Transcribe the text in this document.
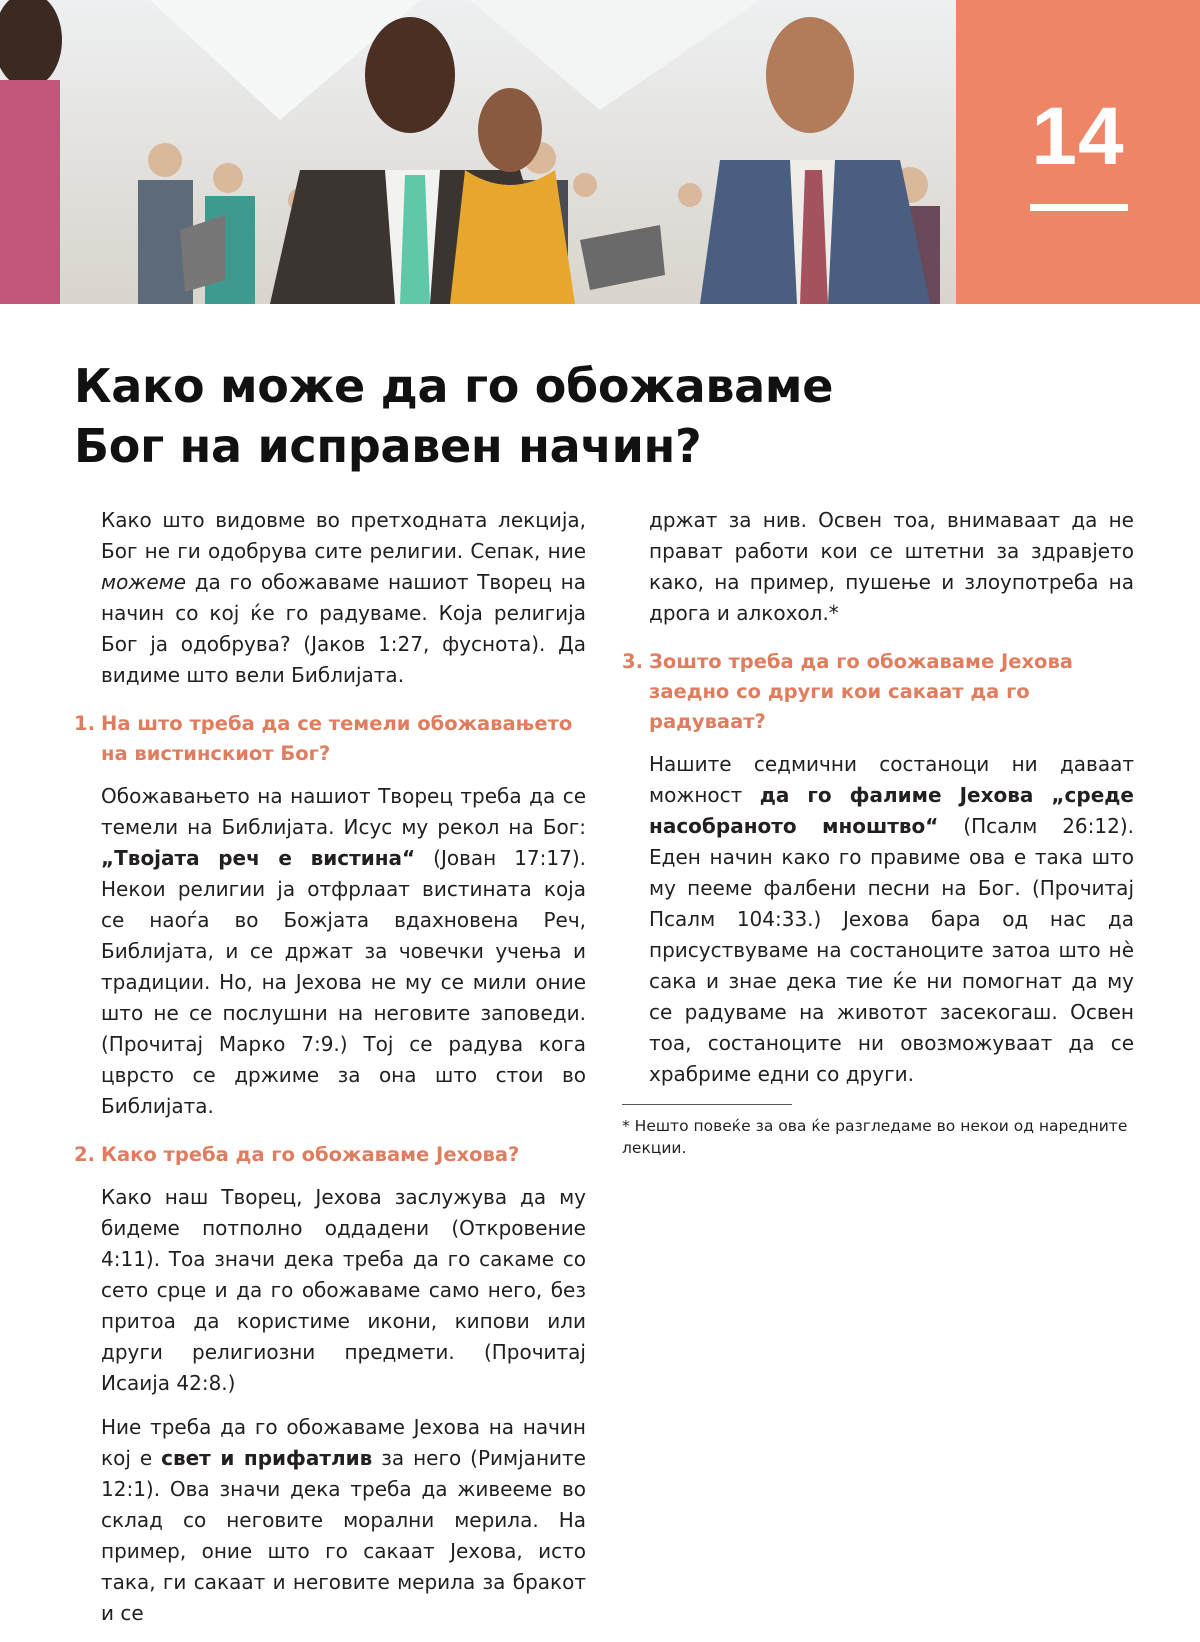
14
Како може да го обожаваме
Бог на исправен начин?

Како што видовме во претходната лекција, Бог не ги одобрува сите религии. Сепак, ние можеме да го обожаваме нашиот Творец на начин со кој ќе го радуваме. Која религија Бог ја одобрува? (Јаков 1:27, фуснота). Да видиме што вели Библијата.

1. На што треба да се темели обожавањето на вистинскиот Бог?

Обожавањето на нашиот Творец треба да се темели на Библијата. Исус му рекол на Бог: „Твојата реч е вистина“ (Јован 17:17). Некои религии ја отфрлаат вистината која се наоѓа во Божјата вдахновена Реч, Библијата, и се држат за човечки учења и традиции. Но, на Јехова не му се мили оние што не се послушни на неговите заповеди. (Прочитај Марко 7:9.) Тој се радува кога цврсто се држиме за она што стои во Библијата.

2. Како треба да го обожаваме Јехова?

Како наш Творец, Јехова заслужува да му бидеме потполно оддадени (Откровение 4:11). Тоа значи дека треба да го сакаме со сето срце и да го обожаваме само него, без притоа да користиме икони, кипови или други религиозни предмети. (Прочитај Исаија 42:8.)

Ние треба да го обожаваме Јехова на начин кој е свет и прифатлив за него (Римјаните 12:1). Ова значи дека треба да живееме во склад со неговите морални мерила. На пример, оние што го сакаат Јехова, исто така, ги сакаат и неговите мерила за бракот и се

држат за нив. Освен тоа, внимаваат да не прават работи кои се штетни за здравјето како, на пример, пушење и злоупотреба на дрога и алкохол.*

3. Зошто треба да го обожаваме Јехова заедно со други кои сакаат да го радуваат?

Нашите седмични состаноци ни даваат можност да го фалиме Јехова „среде насобраното мноштво“ (Псалм 26:12). Еден начин како го правиме ова е така што му пееме фалбени песни на Бог. (Прочитај Псалм 104:33.) Јехова бара од нас да присуствуваме на состаноците затоа што нè сака и знае дека тие ќе ни помогнат да му се радуваме на животот засекогаш. Освен тоа, состаноците ни овозможуваат да се храбриме едни со други.

* Нешто повеќе за ова ќе разгледаме во некои од наредните лекции.
